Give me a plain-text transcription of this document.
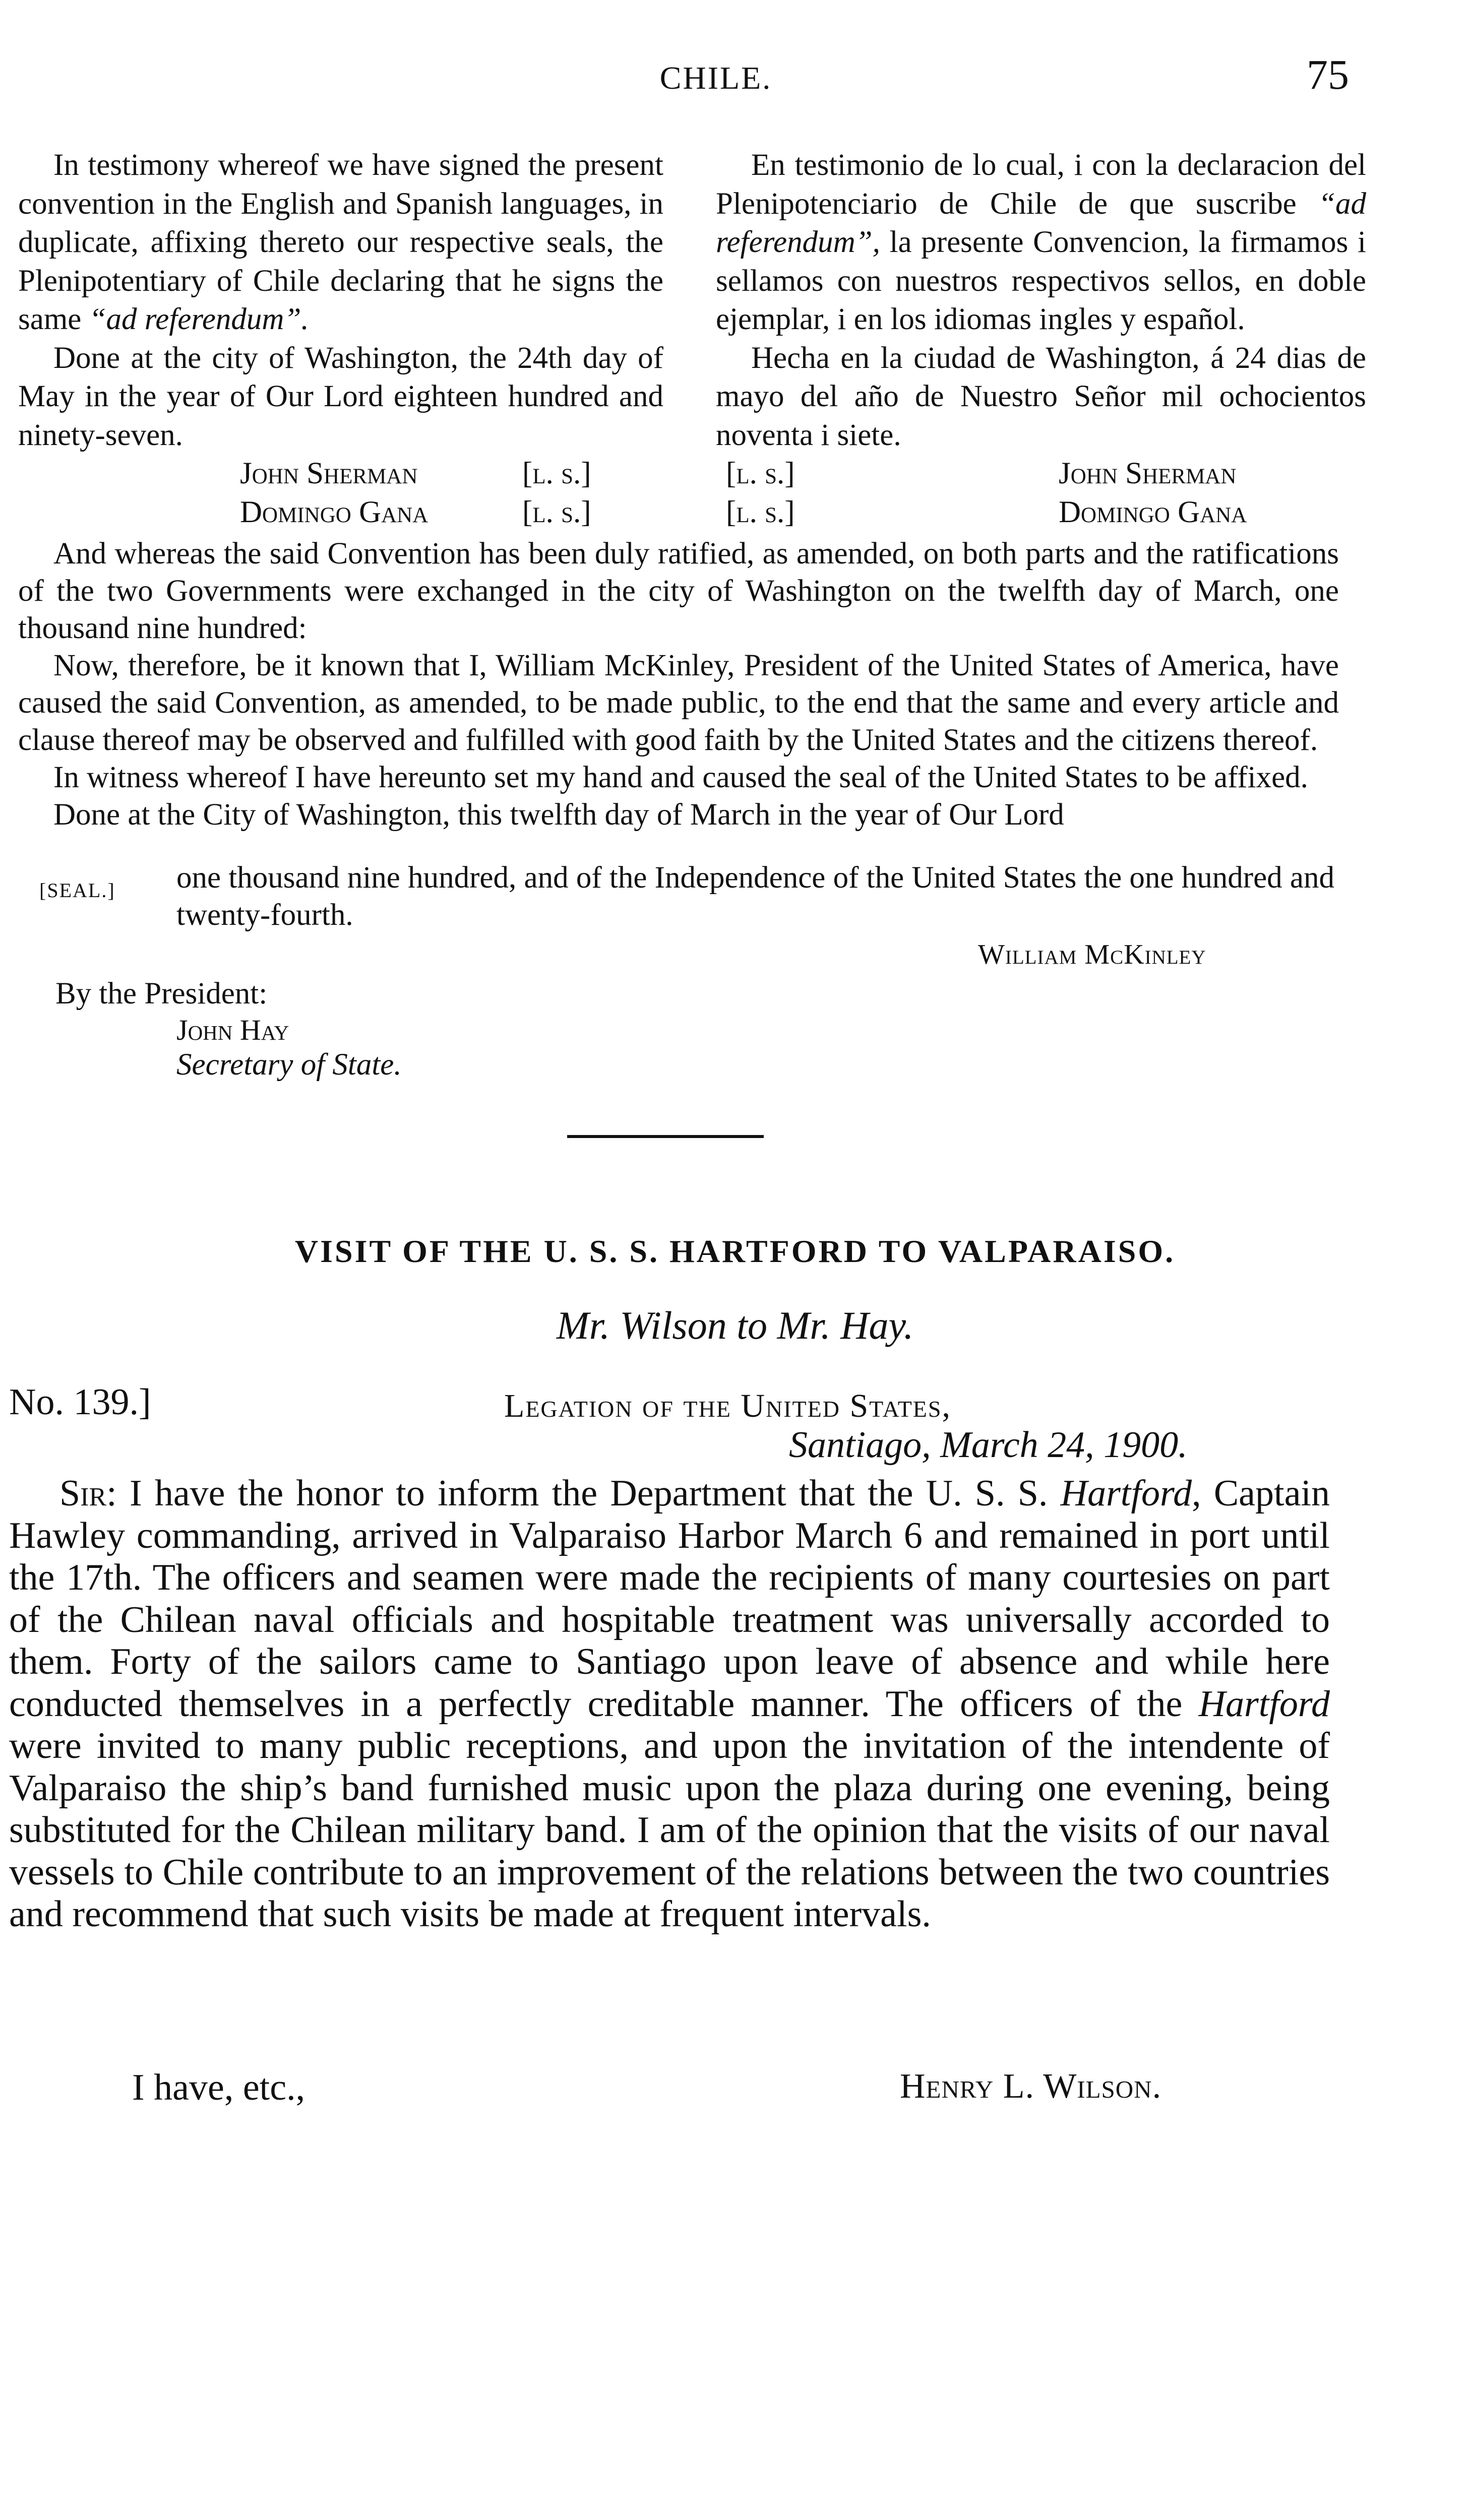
CHILE.	75

In testimony whereof we have signed the present convention in the English and Spanish languages, in duplicate, affixing thereto our respective seals, the Plenipotentiary of Chile declaring that he signs the same “ad referendum”.

Done at the city of Washington, the 24th day of May in the year of Our Lord eighteen hundred and ninety-seven.

John Sherman	[l. s.]
Domingo Gana	[l. s.]

En testimonio de lo cual, i con la declaracion del Plenipotenciario de Chile de que suscribe “ad referendum”, la presente Convencion, la firmamos i sellamos con nuestros respectivos sellos, en doble ejemplar, i en los idiomas ingles y español.

Hecha en la ciudad de Washington, á 24 dias de mayo del año de Nuestro Señor mil ochocientos noventa i siete.

[l. s.]	John Sherman
[l. s.]	Domingo Gana

And whereas the said Convention has been duly ratified, as amended, on both parts and the ratifications of the two Governments were exchanged in the city of Washington on the twelfth day of March, one thousand nine hundred:

Now, therefore, be it known that I, William McKinley, President of the United States of America, have caused the said Convention, as amended, to be made public, to the end that the same and every article and clause thereof may be observed and fulfilled with good faith by the United States and the citizens thereof.

In witness whereof I have hereunto set my hand and caused the seal of the United States to be affixed.

Done at the City of Washington, this twelfth day of March in the year of Our Lord

[SEAL.] one thousand nine hundred, and of the Independence of the United States the one hundred and twenty-fourth.
William McKinley
By the President:
John Hay
Secretary of State.
VISIT OF THE U. S. S. HARTFORD TO VALPARAISO.
Mr. Wilson to Mr. Hay.
No. 139.]	Legation of the United States,
Santiago, March 24, 1900.

Sir: I have the honor to inform the Department that the U. S. S. Hartford, Captain Hawley commanding, arrived in Valparaiso Harbor March 6 and remained in port until the 17th. The officers and seamen were made the recipients of many courtesies on part of the Chilean naval officials and hospitable treatment was universally accorded to them. Forty of the sailors came to Santiago upon leave of absence and while here conducted themselves in a perfectly creditable manner. The officers of the Hartford were invited to many public receptions, and upon the invitation of the intendente of Valparaiso the ship’s band furnished music upon the plaza during one evening, being substituted for the Chilean military band. I am of the opinion that the visits of our naval vessels to Chile contribute to an improvement of the relations between the two countries and recommend that such visits be made at frequent intervals.

I have, etc.,	Henry L. Wilson.
